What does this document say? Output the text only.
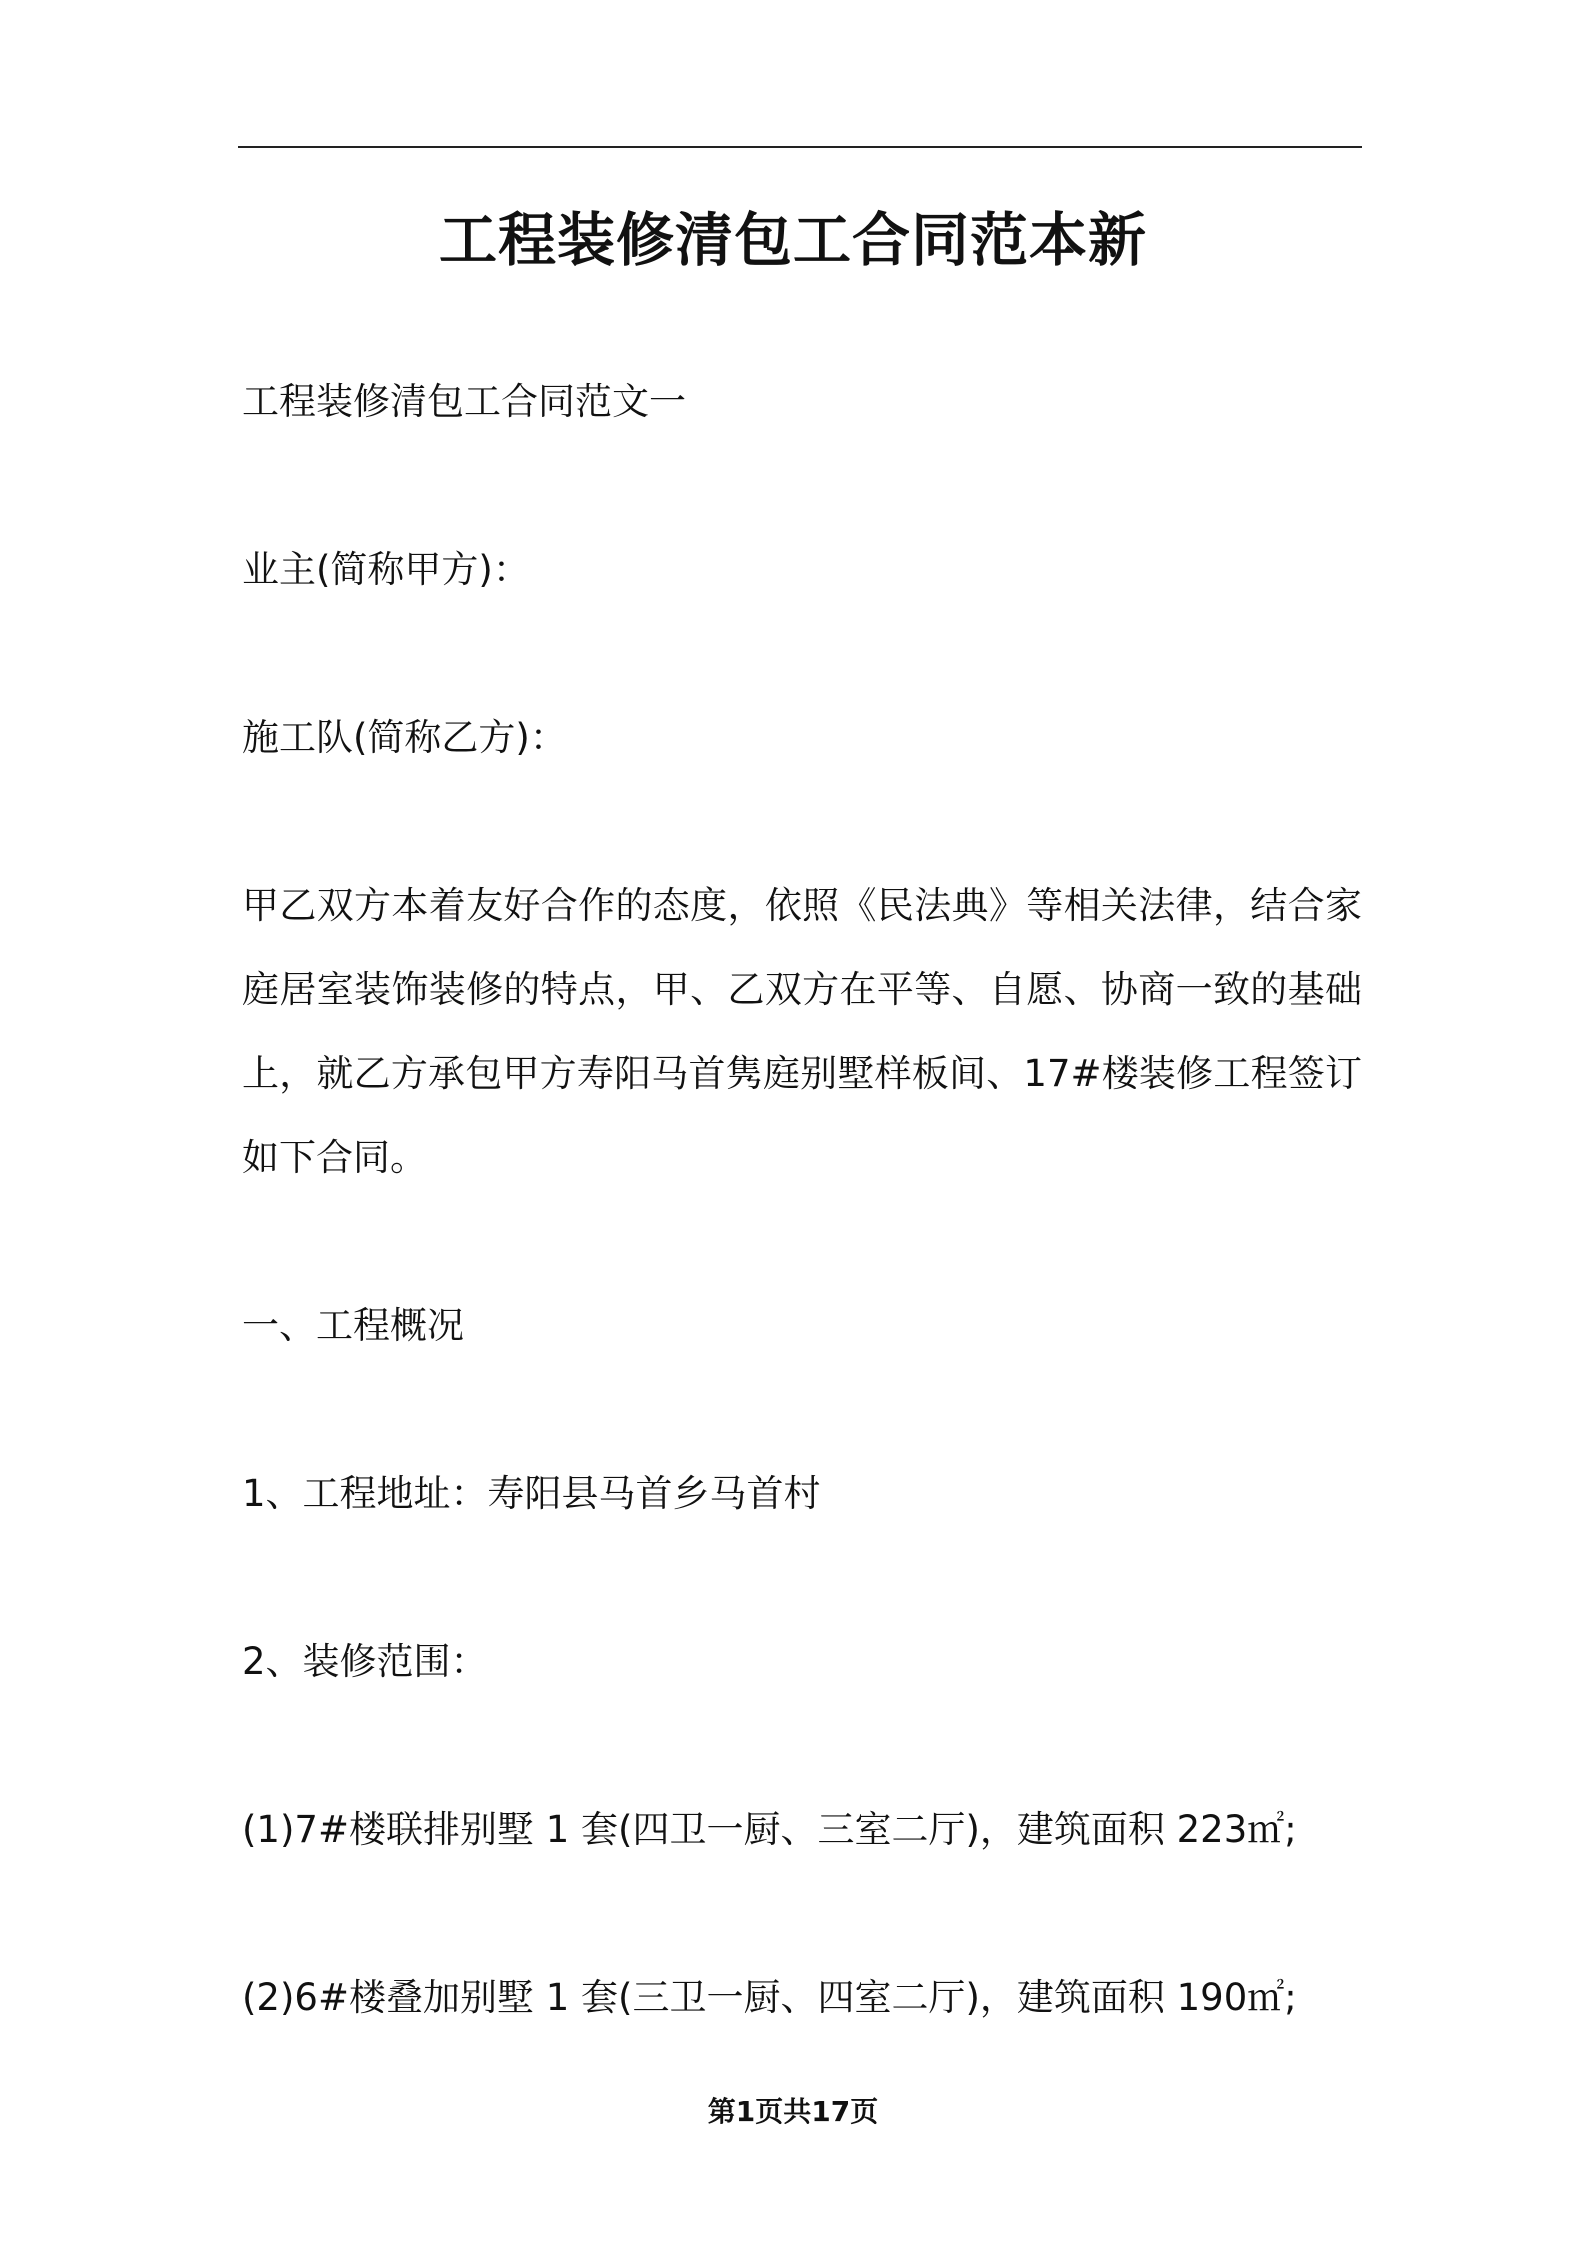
工程装修清包工合同范本新

工程装修清包工合同范文一

业主(简称甲方)：

施工队(简称乙方)：

甲乙双方本着友好合作的态度，依照《民法典》等相关法律，结合家庭居室装饰装修的特点，甲、乙双方在平等、自愿、协商一致的基础上，就乙方承包甲方寿阳马首隽庭别墅样板间、17#楼装修工程签订如下合同。

一、工程概况

1、工程地址：寿阳县马首乡马首村

2、装修范围：

(1)7#楼联排别墅 1 套(四卫一厨、三室二厅)，建筑面积 223㎡;

(2)6#楼叠加别墅 1 套(三卫一厨、四室二厅)，建筑面积 190㎡;

第1页共17页
